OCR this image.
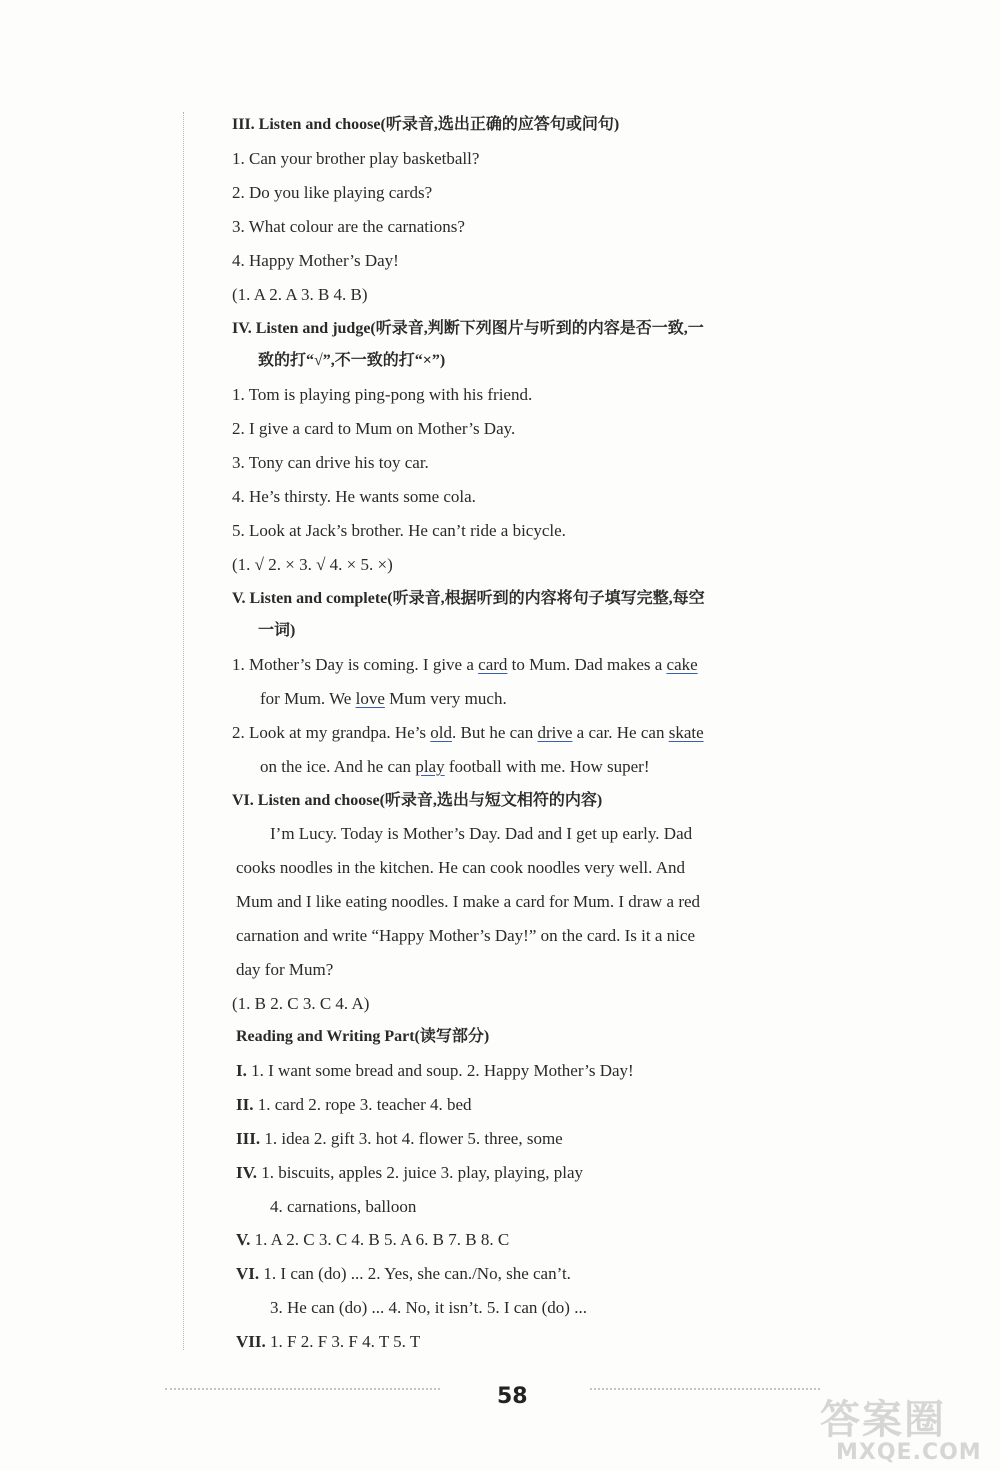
III. Listen and choose(听录音,选出正确的应答句或问句)
1. Can your brother play basketball?
2. Do you like playing cards?
3. What colour are the carnations?
4. Happy Mother’s Day!
(1. A 2. A 3. B 4. B)
IV. Listen and judge(听录音,判断下列图片与听到的内容是否一致,一
致的打“√”,不一致的打“×”)
1. Tom is playing ping-pong with his friend.
2. I give a card to Mum on Mother’s Day.
3. Tony can drive his toy car.
4. He’s thirsty. He wants some cola.
5. Look at Jack’s brother. He can’t ride a bicycle.
(1. √ 2. × 3. √ 4. × 5. ×)
V. Listen and complete(听录音,根据听到的内容将句子填写完整,每空
一词)
1. Mother’s Day is coming. I give a card to Mum. Dad makes a cake
for Mum. We love Mum very much.
2. Look at my grandpa. He’s old. But he can drive a car. He can skate
on the ice. And he can play football with me. How super!
VI. Listen and choose(听录音,选出与短文相符的内容)
I’m Lucy. Today is Mother’s Day. Dad and I get up early. Dad
cooks noodles in the kitchen. He can cook noodles very well. And
Mum and I like eating noodles. I make a card for Mum. I draw a red
carnation and write “Happy Mother’s Day!” on the card. Is it a nice
day for Mum?
(1. B 2. C 3. C 4. A)
Reading and Writing Part(读写部分)
I. 1. I want some bread and soup. 2. Happy Mother’s Day!
II. 1. card 2. rope 3. teacher 4. bed
III. 1. idea 2. gift 3. hot 4. flower 5. three, some
IV. 1. biscuits, apples 2. juice 3. play, playing, play
4. carnations, balloon
V. 1. A 2. C 3. C 4. B 5. A 6. B 7. B 8. C
VI. 1. I can (do) ... 2. Yes, she can./No, she can’t.
3. He can (do) ... 4. No, it isn’t. 5. I can (do) ...
VII. 1. F 2. F 3. F 4. T 5. T
58
答案圈
MXQE.COM
